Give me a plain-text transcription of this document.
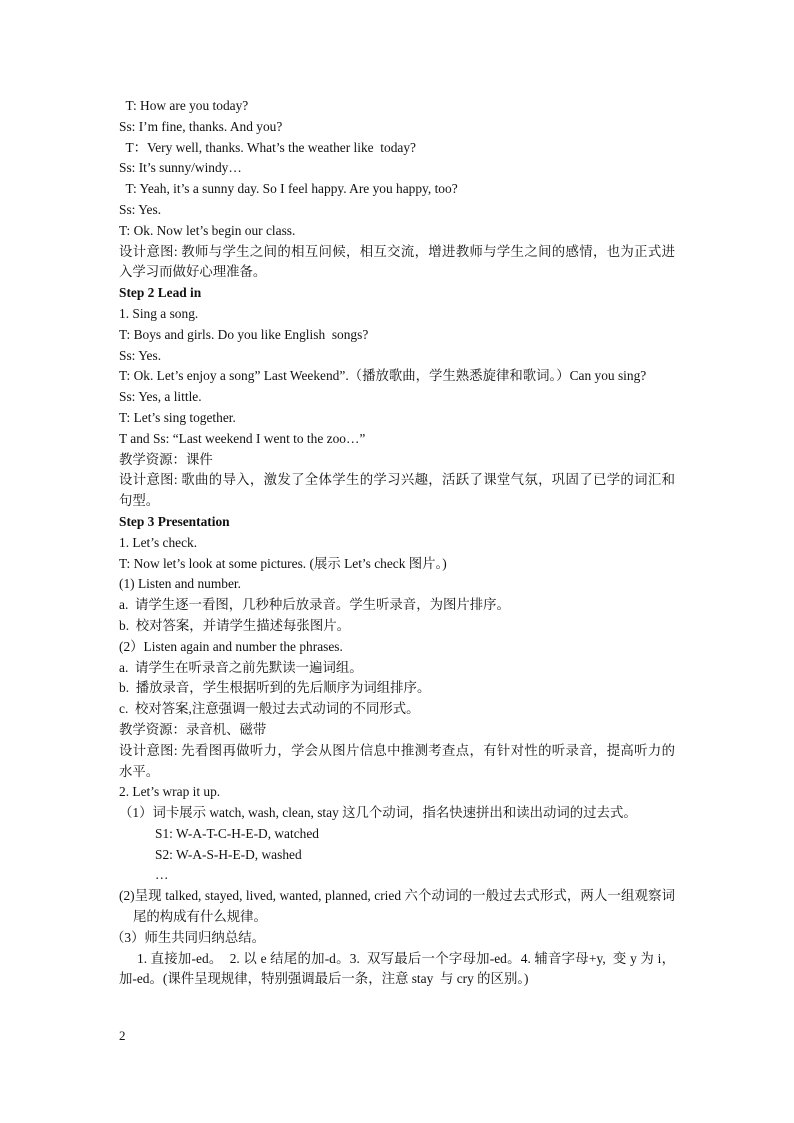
T: How are you today?
Ss: I’m fine, thanks. And you?
T：Very well, thanks. What’s the weather like  today?
Ss: It’s sunny/windy…
T: Yeah, it’s a sunny day. So I feel happy. Are you happy, too?
Ss: Yes.
T: Ok. Now let’s begin our class.
设计意图: 教师与学生之间的相互问候，相互交流，增进教师与学生之间的感情，也为正式进入学习而做好心理准备。
Step 2 Lead in
1. Sing a song.
T: Boys and girls. Do you like English  songs?
Ss: Yes.
T: Ok. Let’s enjoy a song” Last Weekend”.（播放歌曲，学生熟悉旋律和歌词。）Can you sing?
Ss: Yes, a little.
T: Let’s sing together.
T and Ss: “Last weekend I went to the zoo…”
教学资源：课件
设计意图: 歌曲的导入，激发了全体学生的学习兴趣，活跃了课堂气氛，巩固了已学的词汇和句型。
Step 3 Presentation
1. Let’s check.
T: Now let’s look at some pictures. (展示 Let’s check 图片。)
(1) Listen and number.
a.  请学生逐一看图，几秒种后放录音。学生听录音，为图片排序。
b.  校对答案，并请学生描述每张图片。
(2）Listen again and number the phrases.
a.  请学生在听录音之前先默读一遍词组。
b.  播放录音，学生根据听到的先后顺序为词组排序。
c.  校对答案,注意强调一般过去式动词的不同形式。
教学资源：录音机、磁带
设计意图: 先看图再做听力，学会从图片信息中推测考查点，有针对性的听录音，提高听力的水平。
2. Let’s wrap it up.
（1）词卡展示 watch, wash, clean, stay 这几个动词，指名快速拼出和读出动词的过去式。
S1: W-A-T-C-H-E-D, watched
S2: W-A-S-H-E-D, washed
…
(2)呈现 talked, stayed, lived, wanted, planned, cried 六个动词的一般过去式形式，两人一组观察词尾的构成有什么规律。
（3）师生共同归纳总结。
1. 直接加-ed。  2. 以 e 结尾的加-d。3.  双写最后一个字母加-ed。4. 辅音字母+y,  变 y 为 i，加-ed。(课件呈现规律，特别强调最后一条，注意 stay  与 cry 的区别。)
2
